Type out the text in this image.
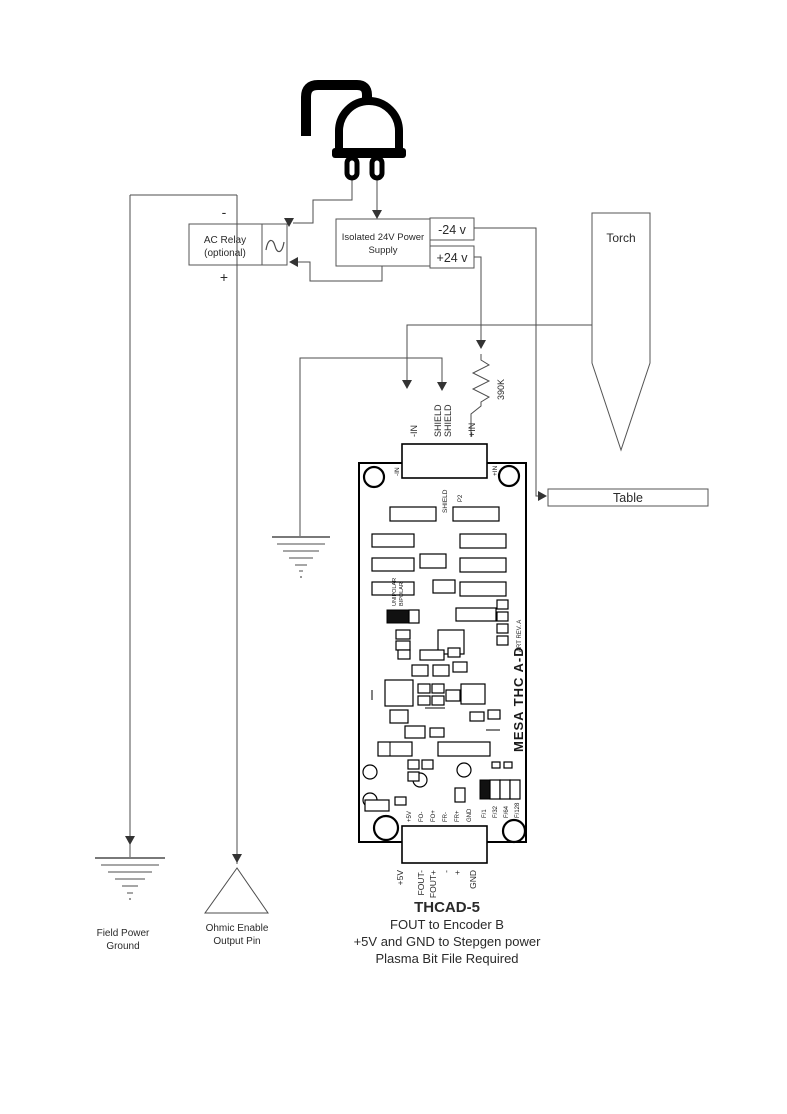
-IN	+IN
SHIELD P2
UNIPOLAR BIPOLAR
+5V FO- FO+ FR- FR+ GND F/1 F/32 F/64 F/128
MESA THC A-D
ART REV. A
Torch
Table
AC Relay
(optional)
Isolated 24V Power
Supply
-24 v
+24 v
390K
-
+
-IN SHIELD SHIELD +IN
Field Power
Ground
Ohmic Enable
Output Pin
+5V FOUT- FOUT+ - + GND
THCAD-5
FOUT to Encoder B
+5V and GND to Stepgen power
Plasma Bit File Required
